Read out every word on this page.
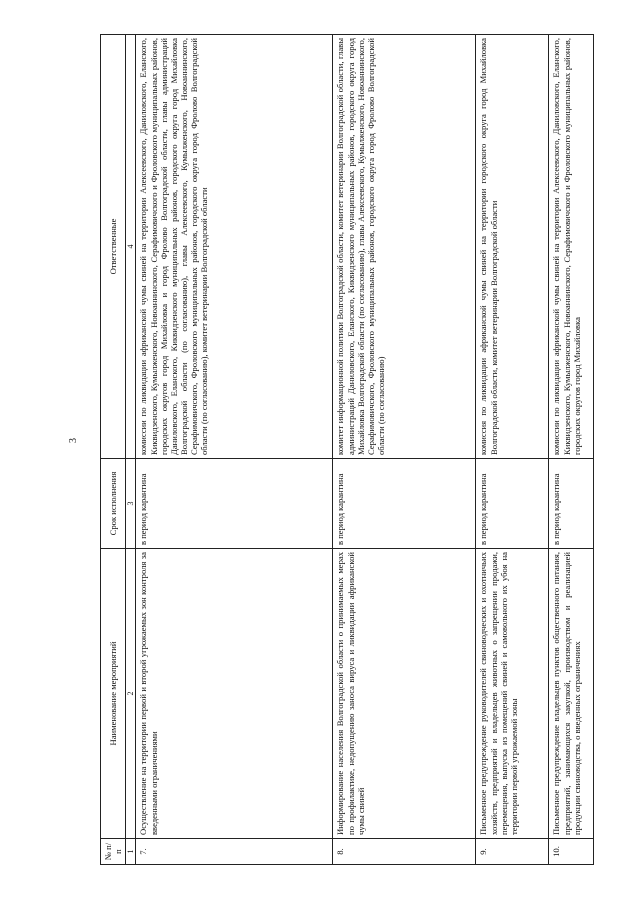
3
№ п/п	Наименование мероприятий	Срок исполнения	Ответственные
1	2	3	4
7.	Осуществление на территории первой и второй угрожаемых зон контроля за введенными ограничениями	в период карантина	комиссии по ликвидации африканской чумы свиней на территории Алексеевского, Даниловского, Еланского, Киквидзенского, Кумылженского, Новоаннинского, Серафимовичского и Фроловского муниципальных районов, городских округов город Михайловка и город Фролово Волгоградской области, главы администраций Даниловского, Еланского, Киквидзенского муниципальных районов, городского округа город Михайловка Волгоградской области (по согласованию), главы Алексеевского, Кумылженского, Новоаннинского, Серафимовичского, Фроловского муниципальных районов, городского округа город Фролово Волгоградской области (по согласованию), комитет ветеринарии Волгоградской области
8.	Информирование населения Волгоградской области о принимаемых мерах по профилактике, недопущению заноса вируса и ликвидации африканской чумы свиней	в период карантина	комитет информационной политики Волгоградской области, комитет ветеринарии Волгоградской области, главы администраций Даниловского, Еланского, Киквидзенского муниципальных районов, городского округа город Михайловка Волгоградской области (по согласованию), главы Алексеевского, Кумылженского, Новоаннинского, Серафимовичского, Фроловского муниципальных районов, городского округа город Фролово Волгоградской области (по согласованию)
9.	Письменное предупреждение руководителей свиноводческих и охотничьих хозяйств, предприятий и владельцев животных о запрещении продажи, перемещения, выпуска из помещений свиней и самовольного их убоя на территории первой угрожаемой зоны	в период карантина	комиссия по ликвидации африканской чумы свиней на территории городского округа город Михайловка Волгоградской области, комитет ветеринарии Волгоградской области
10.	Письменное предупреждение владельцев пунктов общественного питания, предприятий, занимающихся закупкой, производством и реализацией продукции свиноводства, о введенных ограничениях	в период карантина	комиссии по ликвидации африканской чумы свиней на территории Алексеевского, Даниловского, Еланского, Киквидзенского, Кумылженского, Новоаннинского, Серафимовичского и Фроловского муниципальных районов, городских округов город Михайловка
